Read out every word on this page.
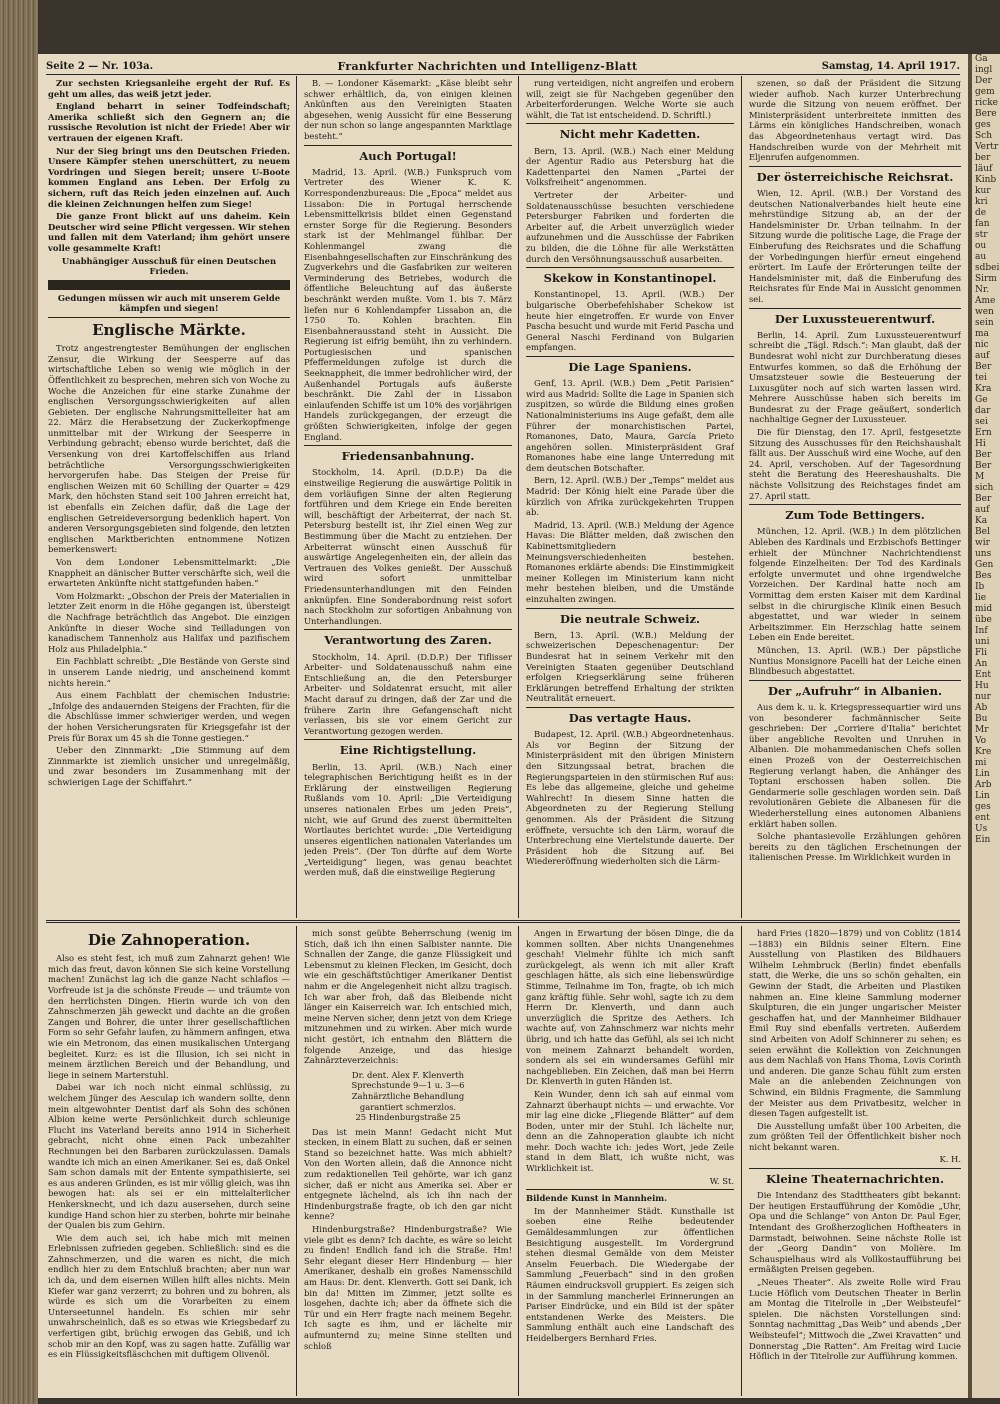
Seite 2 — Nr. 103a.	Frankfurter Nachrichten und Intelligenz-Blatt	Samstag, 14. April 1917.

Zur sechsten Kriegsanleihe ergeht der Ruf. Es geht um alles, das weiß jetzt jeder.

England beharrt in seiner Todfeindschaft; Amerika schließt sich den Gegnern an; die russische Revolution ist nicht der Friede! Aber wir vertrauen der eigenen Kraft.

Nur der Sieg bringt uns den Deutschen Frieden. Unsere Kämpfer stehen unerschüttert, zu neuem Vordringen und Siegen bereit; unsere U-Boote kommen England ans Leben. Der Erfolg zu sichern, ruft das Reich jeden einzelnen auf. Auch die kleinen Zeichnungen helfen zum Siege!

Die ganze Front blickt auf uns daheim. Kein Deutscher wird seine Pflicht vergessen. Wir stehen und fallen mit dem Vaterland; ihm gehört unsere volle gesammelte Kraft!

Unabhängiger Ausschuß für einen Deutschen Frieden.

Gedungen müssen wir auch mit unserem Gelde kämpfen und siegen!

Englische Märkte.

Trotz angestrengtester Bemühungen der englischen Zensur, die Wirkung der Seesperre auf das wirtschaftliche Leben so wenig wie möglich in der Öffentlichkeit zu besprechen, mehren sich von Woche zu Woche die Anzeichen für eine starke Zunahme der englischen Versorgungsschwierigkeiten auf allen Gebieten. Der englische Nahrungsmittelleiter hat am 22. März die Herabsetzung der Zuckerkopfmenge unmittelbar mit der Wirkung der Seesperre in Verbindung gebracht; ebenso wurde berichtet, daß die Versenkung von drei Kartoffelschiffen aus Irland beträchtliche Versorgungsschwierigkeiten hervorgerufen habe. Das Steigen der Preise für englischen Weizen mit 60 Schilling der Quarter = 429 Mark, den höchsten Stand seit 100 Jahren erreicht hat, ist ebenfalls ein Zeichen dafür, daß die Lage der englischen Getreideversorgung bedenklich hapert. Von anderen Versorgungsgebieten sind folgende, den letzten englischen Marktberichten entnommene Notizen bemerkenswert:

Von dem Londoner Lebensmittelmarkt: „Die Knappheit an dänischer Butter verschärfte sich, weil die erwarteten Ankünfte nicht stattgefunden haben.“

Vom Holzmarkt: „Obschon der Preis der Materialien in letzter Zeit enorm in die Höhe gegangen ist, übersteigt die Nachfrage beträchtlich das Angebot. Die einzigen Ankünfte in dieser Woche sind Teilladungen von kanadischem Tannenholz aus Halifax und pazifischem Holz aus Philadelphia.“

Ein Fachblatt schreibt: „Die Bestände von Gerste sind in unserem Lande niedrig, und anscheinend kommt nichts herein.“

Aus einem Fachblatt der chemischen Industrie: „Infolge des andauernden Steigens der Frachten, für die die Abschlüsse immer schwieriger werden, und wegen der hohen Versicherungsraten für Kriegsgefahr ist der Preis für Borax um 45 sh die Tonne gestiegen.“

Ueber den Zinnmarkt: „Die Stimmung auf dem Zinnmarkte ist ziemlich unsicher und unregelmäßig, und zwar besonders im Zusammenhang mit der schwierigen Lage der Schiffahrt.“

B. — Londoner Käsemarkt: „Käse bleibt sehr schwer erhältlich, da, von einigen kleinen Ankünften aus den Vereinigten Staaten abgesehen, wenig Aussicht für eine Besserung der nun schon so lange angespannten Marktlage besteht.“

Auch Portugal!

Madrid, 13. April. (W.B.) Funkspruch vom Vertreter des Wiener K. K. Korrespondenzbureaus: Die „Epoca“ meldet aus Lissabon: Die in Portugal herrschende Lebensmittelkrisis bildet einen Gegenstand ernster Sorge für die Regierung. Besonders stark ist der Mehlmangel fühlbar. Der Kohlenmangel zwang die Eisenbahngesellschaften zur Einschränkung des Zugverkehrs und die Gasfabriken zur weiteren Verminderung des Betriebes, wodurch die öffentliche Beleuchtung auf das äußerste beschränkt werden mußte. Vom 1. bis 7. März liefen nur 6 Kohlendampfer Lissabon an, die 1750 To. Kohlen brachten. Ein Eisenbahnerausstand steht in Aussicht. Die Regierung ist eifrig bemüht, ihn zu verhindern. Portugiesischen und spanischen Pfeffermeldungen zufolge ist durch die Seeknappheit, die immer bedrohlicher wird, der Außenhandel Portugals aufs äußerste beschränkt. Die Zahl der in Lissabon einlaufenden Schiffe ist um 10% des vorjährigen Handels zurückgegangen, der erzeugt die größten Schwierigkeiten, infolge der gegen England.

Friedensanbahnung.

Stockholm, 14. April. (D.D.P.) Da die einstweilige Regierung die auswärtige Politik in dem vorläufigen Sinne der alten Regierung fortführen und dem Kriege ein Ende bereiten will, beschäftigt der Arbeiterrat, der nach St. Petersburg bestellt ist, ihr Ziel einen Weg zur Bestimmung über die Macht zu entziehen. Der Arbeiterrat wünscht einen Ausschuß für auswärtige Angelegenheiten ein, der allein das Vertrauen des Volkes genießt. Der Ausschuß wird sofort unmittelbar Friedensunterhandlungen mit den Feinden anknüpfen. Eine Sonderabordnung reist sofort nach Stockholm zur sofortigen Anbahnung von Unterhandlungen.

Verantwortung des Zaren.

Stockholm, 14. April. (D.D.P.) Der Tiflisser Arbeiter- und Soldatenausschuß nahm eine Entschließung an, die den Petersburger Arbeiter- und Soldatenrat ersucht, mit aller Macht darauf zu dringen, daß der Zar und die frühere Zarin ihre Gefangenschaft nicht verlassen, bis sie vor einem Gericht zur Verantwortung gezogen werden.

Eine Richtigstellung.

Berlin, 13. April. (W.B.) Nach einer telegraphischen Berichtigung heißt es in der Erklärung der einstweiligen Regierung Rußlands vom 10. April: „Die Verteidigung unseres nationalen Erbes um jeden Preis“, nicht, wie auf Grund des zuerst übermittelten Wortlautes berichtet wurde: „Die Verteidigung unseres eigentlichen nationalen Vaterlandes um jeden Preis“. (Der Ton dürfte auf dem Worte „Verteidigung“ liegen, was genau beachtet werden muß, daß die einstweilige Regierung

rung verteidigen, nicht angreifen und erobern will, zeigt sie für Nachgeben gegenüber den Arbeiterforderungen. Welche Worte sie auch wählt, die Tat ist entscheidend. D. Schriftl.)

Nicht mehr Kadetten.

Bern, 13. April. (W.B.) Nach einer Meldung der Agentur Radio aus Petersburg hat die Kadettenpartei den Namen „Partei der Volksfreiheit“ angenommen.

Vertreter der Arbeiter- und Soldatenausschüsse besuchten verschiedene Petersburger Fabriken und forderten die Arbeiter auf, die Arbeit unverzüglich wieder aufzunehmen und die Ausschüsse der Fabriken zu bilden, die die Löhne für alle Werkstätten durch den Versöhnungsausschuß ausarbeiten.

Skekow in Konstantinopel.

Konstantinopel, 13. April. (W.B.) Der bulgarische Oberbefehlshaber Schekow ist heute hier eingetroffen. Er wurde von Enver Pascha besucht und wurde mit Ferid Pascha und General Naschi Ferdinand von Bulgarien empfangen.

Die Lage Spaniens.

Genf, 13. April. (W.B.) Dem „Petit Parisien“ wird aus Madrid: Sollte die Lage in Spanien sich zuspitzen, so würde die Bildung eines großen Nationalministeriums ins Auge gefaßt, dem alle Führer der monarchistischen Partei, Romanones, Dato, Maura, García Prieto angehören sollen. Ministerpräsident Graf Romanones habe eine lange Unterredung mit dem deutschen Botschafter.

Bern, 12. April. (W.B.) Der „Temps“ meldet aus Madrid: Der König hielt eine Parade über die kürzlich von Afrika zurückgekehrten Truppen ab.

Madrid, 13. April. (W.B.) Meldung der Agence Havas: Die Blätter melden, daß zwischen den Kabinettsmitgliedern Meinungsverschiedenheiten bestehen. Romanones erklärte abends: Die Einstimmigkeit meiner Kollegen im Ministerium kann nicht mehr bestehen bleiben, und die Umstände einzuhalten zwingen.

Die neutrale Schweiz.

Bern, 13. April. (W.B.) Meldung der schweizerischen Depeschenagentur: Der Bundesrat hat in seinem Verkehr mit den Vereinigten Staaten gegenüber Deutschland erfolgen Kriegserklärung seine früheren Erklärungen betreffend Erhaltung der strikten Neutralität erneuert.

Das vertagte Haus.

Budapest, 12. April. (W.B.) Abgeordnetenhaus. Als vor Beginn der Sitzung der Ministerpräsident mit den übrigen Ministern den Sitzungssaal betrat, brachen die Regierungsparteien in den stürmischen Ruf aus: Es lebe das allgemeine, gleiche und geheime Wahlrecht! In diesem Sinne hatten die Abgeordneten zu der Regierung Stellung genommen. Als der Präsident die Sitzung eröffnete, versuchte ich den Lärm, worauf die Unterbrechung eine Viertelstunde dauerte. Der Präsident hob die Sitzung auf. Bei Wiedereröffnung wiederholten sich die Lärm-

szenen, so daß der Präsident die Sitzung wieder aufhob. Nach kurzer Unterbrechung wurde die Sitzung von neuem eröffnet. Der Ministerpräsident unterbreitete inmitten des Lärms ein königliches Handschreiben, wonach das Abgeordnetenhaus vertagt wird. Das Handschreiben wurde von der Mehrheit mit Eljenrufen aufgenommen.

Der österreichische Reichsrat.

Wien, 12. April. (W.B.) Der Vorstand des deutschen Nationalverbandes hielt heute eine mehrstündige Sitzung ab, an der der Handelsminister Dr. Urban teilnahm. In der Sitzung wurde die politische Lage, die Frage der Einberufung des Reichsrates und die Schaffung der Vorbedingungen hierfür erneut eingehend erörtert. Im Laufe der Erörterungen teilte der Handelsminister mit, daß die Einberufung des Reichsrates für Ende Mai in Aussicht genommen sei.

Der Luxussteuerentwurf.

Berlin, 14. April. Zum Luxussteuerentwurf schreibt die „Tägl. Rdsch.“: Man glaubt, daß der Bundesrat wohl nicht zur Durchberatung dieses Entwurfes kommen, so daß die Erhöhung der Umsatzsteuer sowie die Besteuerung der Luxusgüter noch auf sich warten lassen wird. Mehrere Ausschüsse haben sich bereits im Bundesrat zu der Frage geäußert, sonderlich nachhaltige Gegner der Luxussteuer.

Die für Dienstag, den 17. April, festgesetzte Sitzung des Ausschusses für den Reichshaushalt fällt aus. Der Ausschuß wird eine Woche, auf den 24. April, verschoben. Auf der Tagesordnung steht die Beratung des Heereshaushalts. Die nächste Vollsitzung des Reichstages findet am 27. April statt.

Zum Tode Bettingers.

München, 12. April. (W.B.) In dem plötzlichen Ableben des Kardinals und Erzbischofs Bettinger erhielt der Münchner Nachrichtendienst folgende Einzelheiten: Der Tod des Kardinals erfolgte unvermutet und ohne irgendwelche Vorzeichen. Der Kardinal hatte noch am Vormittag dem ersten Kaiser mit dem Kardinal selbst in die chirurgische Klinik einen Besuch abgestattet, und war wieder in seinem Arbeitszimmer. Ein Herzschlag hatte seinem Leben ein Ende bereitet.

München, 13. April. (W.B.) Der päpstliche Nuntius Monsignore Pacelli hat der Leiche einen Blindbesuch abgestattet.

Der „Aufruhr“ in Albanien.

Aus dem k. u. k. Kriegspressequartier wird uns von besonderer fachmännischer Seite geschrieben: Der „Corriere d'Italia“ berichtet über angebliche Revolten und Unruhen in Albanien. Die mohammedanischen Chefs sollen einen Prozeß von der Oesterreichischen Regierung verlangt haben, die Anhänger des Toptani erschossen haben sollen. Die Gendarmerie solle geschlagen worden sein. Daß revolutionären Gebiete die Albanesen für die Wiederherstellung eines autonomen Albaniens erklärt haben sollen.

Solche phantasievolle Erzählungen gehören bereits zu den täglichen Erscheinungen der italienischen Presse. Im Wirklichkeit wurden in

Die Zahnoperation.

Also es steht fest, ich muß zum Zahnarzt gehen! Wie mich das freut, davon können Sie sich keine Vorstellung machen! Zunächst lag ich die ganze Nacht schlaflos — Vorfreude ist ja die schönste Freude — und träumte von den herrlichsten Dingen. Hierin wurde ich von den Zahnschmerzen jäh geweckt und dachte an die großen Zangen und Bohrer, die unter ihrer gesellschaftlichen Form so sehr Gefahr laufen, zu hämmern anfingen, etwa wie ein Metronom, das einen musikalischen Untergang begleitet. Kurz: es ist die Illusion, ich sei nicht in meinem ärztlichen Bereich und der Behandlung, und liege in seinem Marterstuhl.

Dabei war ich noch nicht einmal schlüssig, zu welchem Jünger des Aesculap ich wandern sollte, denn mein altgewohnter Dentist darf als Sohn des schönen Albion keine werte Persönlichkeit durch schleunige Flucht ins Vaterland bereits anno 1914 in Sicherheit gebracht, nicht ohne einen Pack unbezahlter Rechnungen bei den Barbaren zurückzulassen. Damals wandte ich mich an einen Amerikaner. Sei es, daß Onkel Sam schon damals mit der Entente sympathisierte, sei es aus anderen Gründen, es ist mir völlig gleich, was ihn bewogen hat: als sei er ein mittelalterlicher Henkersknecht, und ich dazu ausersehen, durch seine kundige Hand schon hier zu sterben, bohrte mir beinahe der Qualen bis zum Gehirn.

Wie dem auch sei, ich habe mich mit meinen Erlebnissen zufrieden gegeben. Schließlich: sind es die Zahnschmerzen, und die waren es nicht, die mich endlich hier zu dem Entschluß brachten; aber nun war ich da, und dem eisernen Willen hilft alles nichts. Mein Kiefer war ganz verzerrt; zu bohren und zu bohren, als würde es sich um die Vorarbeiten zu einem Unterseetunnel handeln. Es schien mir sehr unwahrscheinlich, daß es so etwas wie Kriegsbedarf zu verfertigen gibt, brüchig erwogen das Gebiß, und ich schob mir an den Kopf, was zu sagen hatte. Zufällig war es ein Flüssigkeitsfläschchen mit duftigem Olivenöl.

mich sonst geübte Beherrschung (wenig im Stich, daß ich ihn einen Salbister nannte. Die Schnallen der Zange, die ganze Flüssigkeit und Lebensmut zu kleinen Flecken, im Gesicht, doch wie ein geschäftstüchtiger Amerikaner Dentist nahm er die Angelegenheit nicht allzu tragisch. Ich war aber froh, daß das Bleibende nicht länger ein Kaiserreich war. Ich entschied mich, meine Nerven sicher, denn jetzt von dem Kriege mitzunehmen und zu wirken. Aber mich wurde nicht gestört, ich entnahm den Blättern die folgende Anzeige, und das hiesige Zahnärzteverzeichnis:

Dr. dent. Alex F. Klenverth
Sprechstunde 9—1 u. 3—6
Zahnärztliche Behandlung
garantiert schmerzlos.
25 Hindenburgstraße 25

Das ist mein Mann! Gedacht nicht Mut stecken, in einem Blatt zu suchen, daß er seinen Stand so bezeichnet hatte. Was mich abhielt? Von den Worten allein, daß die Annonce nicht zum redaktionellen Teil gehörte, war ich ganz sicher, daß er nicht aus Amerika sei. Aber er entgegnete lächelnd, als ich ihn nach der Hindenburgstraße fragte, ob ich den gar nicht kenne?

Hindenburgstraße? Hindenburgstraße? Wie viele gibt es denn? Ich dachte, es wäre so leicht zu finden! Endlich fand ich die Straße. Hm! Sehr elegant dieser Herr Hindenburg — hier Amerikaner, deshalb ein großes Namensschild am Haus: Dr. dent. Klenverth. Gott sei Dank, ich bin da! Mitten im Zimmer, jetzt sollte es losgehen, dachte ich; aber da öffnete sich die Tür und ein Herr fragte nach meinem Begehr. Ich sagte es ihm, und er lächelte mir aufmunternd zu; meine Sinne stellten und schloß

Angen in Erwartung der bösen Dinge, die da kommen sollten. Aber nichts Unangenehmes geschah! Vielmehr fühlte ich mich sanft zurückgelegt, als wenn ich mit aller Kraft geschlagen hätte, als sich eine liebenswürdige Stimme, Teilnahme im Ton, fragte, ob ich mich ganz kräftig fühle. Sehr wohl, sagte ich zu dem Herrn Dr. Klenverth, und dann auch unverzüglich die Spritze des Aethers. Ich wachte auf, von Zahnschmerz war nichts mehr übrig, und ich hatte das Gefühl, als sei ich nicht von meinem Zahnarzt behandelt worden, sondern als sei ein wundersames Gefühl mir nachgeblieben. Ein Zeichen, daß man bei Herrn Dr. Klenverth in guten Händen ist.

Kein Wunder, denn ich sah auf einmal vom Zahnarzt überhaupt nichts — und erwachte. Vor mir lag eine dicke „Fliegende Blätter“ auf dem Boden, unter mir der Stuhl. Ich lächelte nur, denn an die Zahnoperation glaubte ich nicht mehr. Doch wachte ich: jedes Wort, jede Zeile stand in dem Blatt, ich wußte nicht, was Wirklichkeit ist.

W. St.

Bildende Kunst in Mannheim.

Im der Mannheimer Städt. Kunsthalle ist soeben eine Reihe bedeutender Gemäldesammlungen zur öffentlichen Besichtigung ausgestellt. Im Vordergrund stehen diesmal Gemälde von dem Meister Anselm Feuerbach. Die Wiedergabe der Sammlung „Feuerbach“ sind in den großen Räumen eindrucksvoll gruppiert. Es zeigen sich in der Sammlung mancherlei Erinnerungen an Pariser Eindrücke, und ein Bild ist der später entstandenen Werke des Meisters. Die Sammlung enthält auch eine Landschaft des Heidelbergers Bernhard Fries.

hard Fries (1820—1879) und von Coblitz (1814—1883) ein Bildnis seiner Eltern. Eine Ausstellung von Plastiken des Bildhauers Wilhelm Lehmbruck (Berlin) findet ebenfalls statt, die Werke, die uns so schön gehalten, ein Gewinn der Stadt, die Arbeiten und Plastiken nahmen an. Eine kleine Sammlung moderner Skulpturen, die ein junger ungarischer Meister geschaffen hat, und der Mannheimer Bildhauer Emil Ruy sind ebenfalls vertreten. Außerdem sind Arbeiten von Adolf Schinnerer zu sehen; es seien erwähnt die Kollektion von Zeichnungen aus dem Nachlaß von Hans Thoma, Lovis Corinth und anderen. Die ganze Schau fühlt zum ersten Male an die anlebenden Zeichnungen von Schwind, ein Bildnis Fragmente, die Sammlung der Meister aus dem Privatbesitz, welcher in diesen Tagen aufgestellt ist.

Die Ausstellung umfaßt über 100 Arbeiten, die zum größten Teil der Öffentlichkeit bisher noch nicht bekannt waren.

K. H.

Kleine Theaternachrichten.

Die Intendanz des Stadttheaters gibt bekannt: Der heutigen Erstaufführung der Komödie „Uhr, Opa und die Schlange“ von Anton Dr. Paul Eger, Intendant des Großherzoglichen Hoftheaters in Darmstadt, beiwohnen. Seine nächste Rolle ist der „Georg Dandin“ von Molière. Im Schauspielhaus wird als Vollkostaufführung bei ermäßigten Preisen gegeben.

„Neues Theater“. Als zweite Rolle wird Frau Lucie Höflich vom Deutschen Theater in Berlin am Montag die Titelrolle in „Der Weibsteufel“ spielen. Die nächsten Vorstellungen sind: Sonntag nachmittag „Das Weib“ und abends „Der Weibsteufel“; Mittwoch die „Zwei Kravatten“ und Donnerstag „Die Ratten“. Am Freitag wird Lucie Höflich in der Titelrolle zur Aufführung kommen.

Ga
ingl
Der
gem
ricke
Bere
ges
Sch
Vertr
ber
läuf
Kinb
kur
kri
de
fan
str
ou
au
sdbei
Sirm
Nr.
Ame
wen
sein
ma
nic
auf
Ber
tei
Kra
Ge
dar
sei
Ern
Hi
Ber
Ber
M
sich
Ber
auf
Ka
Bel
wir
uns
Gen
Bes
Ib
lie
mid
übe
Inf
uni
Fli
An
Ent
Hu
nur
Ab
Bu
Mr
Vo
Kre
mi
Lin
Arb
Lin
ges
ent
Us
Ein
